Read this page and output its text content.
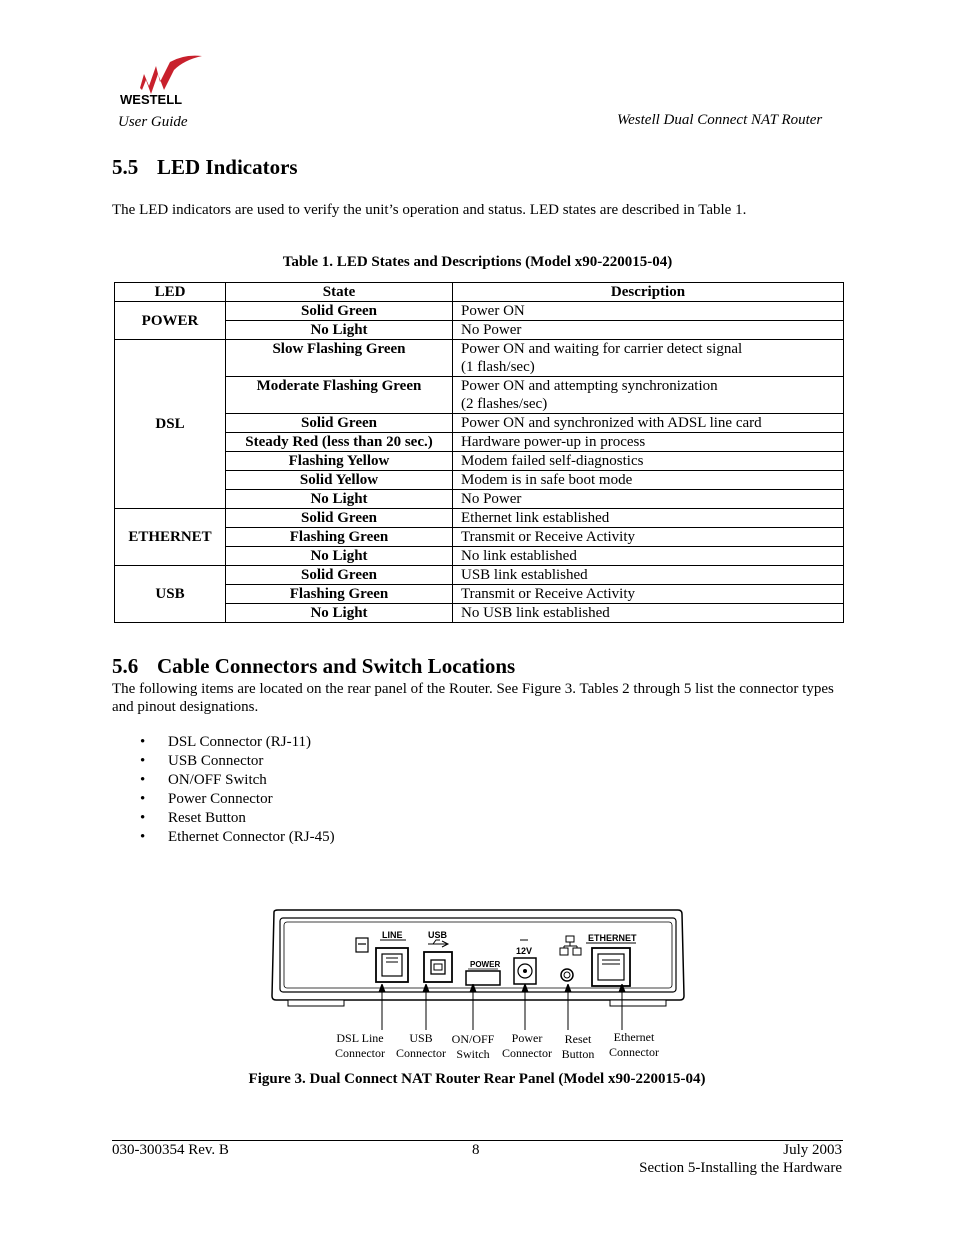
WESTELL
User Guide	Westell Dual Connect NAT Router
5.5 LED Indicators
The LED indicators are used to verify the unit’s operation and status. LED states are described in Table 1.
Table 1. LED States and Descriptions (Model x90-220015-04)
LED	State	Description
POWER	Solid Green	Power ON

	No Light	No Power

DSL	Slow Flashing Green	Power ON and waiting for carrier detect signal
(1 flash/sec)

	Moderate Flashing Green	Power ON and attempting synchronization
(2 flashes/sec)

	Solid Green	Power ON and synchronized with ADSL line card

	Steady Red (less than 20 sec.)	Hardware power-up in process

	Flashing Yellow	Modem failed self-diagnostics

	Solid Yellow	Modem is in safe boot mode

	No Light	No Power

ETHERNET	Solid Green	Ethernet link established

	Flashing Green	Transmit or Receive Activity

	No Light	No link established

USB	Solid Green	USB link established

	Flashing Green	Transmit or Receive Activity

	No Light	No USB link established
5.6 Cable Connectors and Switch Locations
The following items are located on the rear panel of the Router. See Figure 3. Tables 2 through 5 list the connector types and pinout designations.
• DSL Connector (RJ-11)
• USB Connector
• ON/OFF Switch
• Power Connector
• Reset Button
• Ethernet Connector (RJ-45)
LINE	USB
POWER
12V
ETHERNET
DSL Line
Connector
USB
Connector
ON/OFF
Switch
Power
Connector
Reset
Button
Ethernet
Connector
Figure 3. Dual Connect NAT Router Rear Panel (Model x90-220015-04)
030-300354 Rev. B	8	July 2003
Section 5-Installing the Hardware
